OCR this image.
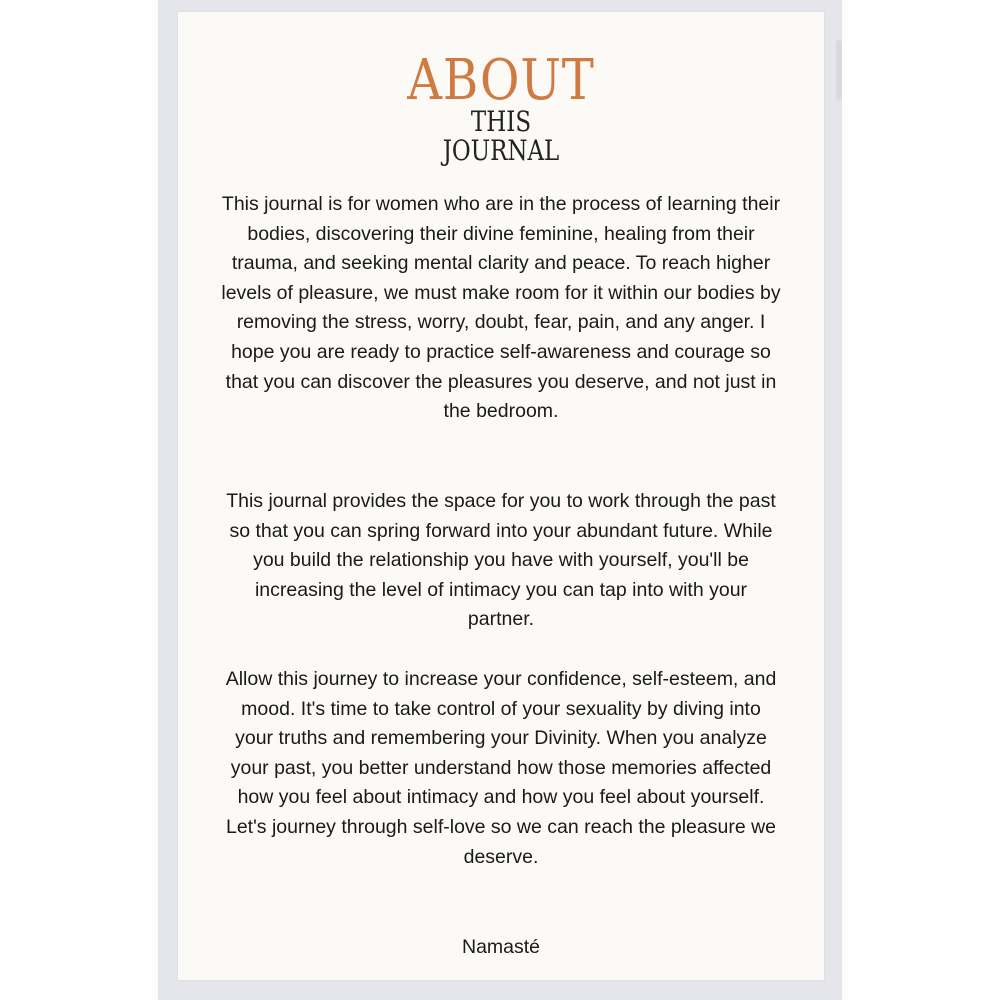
ABOUT
THIS
JOURNAL

This journal is for women who are in the process of learning their bodies, discovering their divine feminine, healing from their trauma, and seeking mental clarity and peace. To reach higher levels of pleasure, we must make room for it within our bodies by removing the stress, worry, doubt, fear, pain, and any anger. I hope you are ready to practice self-awareness and courage so that you can discover the pleasures you deserve, and not just in the bedroom.

This journal provides the space for you to work through the past so that you can spring forward into your abundant future. While you build the relationship you have with yourself, you'll be increasing the level of intimacy you can tap into with your partner.

Allow this journey to increase your confidence, self-esteem, and mood. It's time to take control of your sexuality by diving into your truths and remembering your Divinity. When you analyze your past, you better understand how those memories affected how you feel about intimacy and how you feel about yourself. Let's journey through self-love so we can reach the pleasure we deserve.

Namasté
